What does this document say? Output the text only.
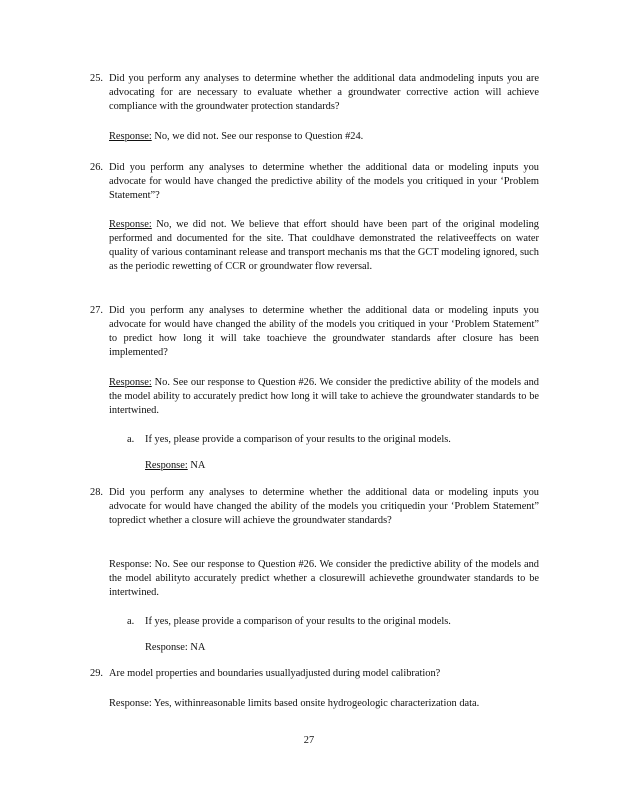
25. Did you perform any analyses to determine whether the additional data andmodeling inputs you are advocating for are necessary to evaluate whether a groundwater corrective action will achieve compliance with the groundwater protection standards?
Response: No, we did not. See our response to Question #24.
26. Did you perform any analyses to determine whether the additional data or modeling inputs you advocate for would have changed the predictive ability of the models you critiqued in your ‘Problem Statement”?
Response: No, we did not. We believe that effort should have been part of the original modeling performed and documented for the site. That couldhave demonstrated the relativeeffects on water quality of various contaminant release and transport mechanis ms that the GCT modeling ignored, such as the periodic rewetting of CCR or groundwater flow reversal.
27. Did you perform any analyses to determine whether the additional data or modeling inputs you advocate for would have changed the ability of the models you critiqued in your ‘Problem Statement” to predict how long it will take toachieve the groundwater standards after closure has been implemented?
Response: No. See our response to Question #26. We consider the predictive ability of the models and the model ability to accurately predict how long it will take to achieve the groundwater standards to be intertwined.
a. If yes, please provide a comparison of your results to the original models.
Response: NA
28. Did you perform any analyses to determine whether the additional data or modeling inputs you advocate for would have changed the ability of the models you critiquedin your ‘Problem Statement” topredict whether a closure will achieve the groundwater standards?
Response: No. See our response to Question #26. We consider the predictive ability of the models and the model abilityto accurately predict whether a closurewill achievethe groundwater standards to be intertwined.
a. If yes, please provide a comparison of your results to the original models.
Response: NA
29. Are model properties and boundaries usuallyadjusted during model calibration?
Response: Yes, withinreasonable limits based onsite hydrogeologic characterization data.
27
